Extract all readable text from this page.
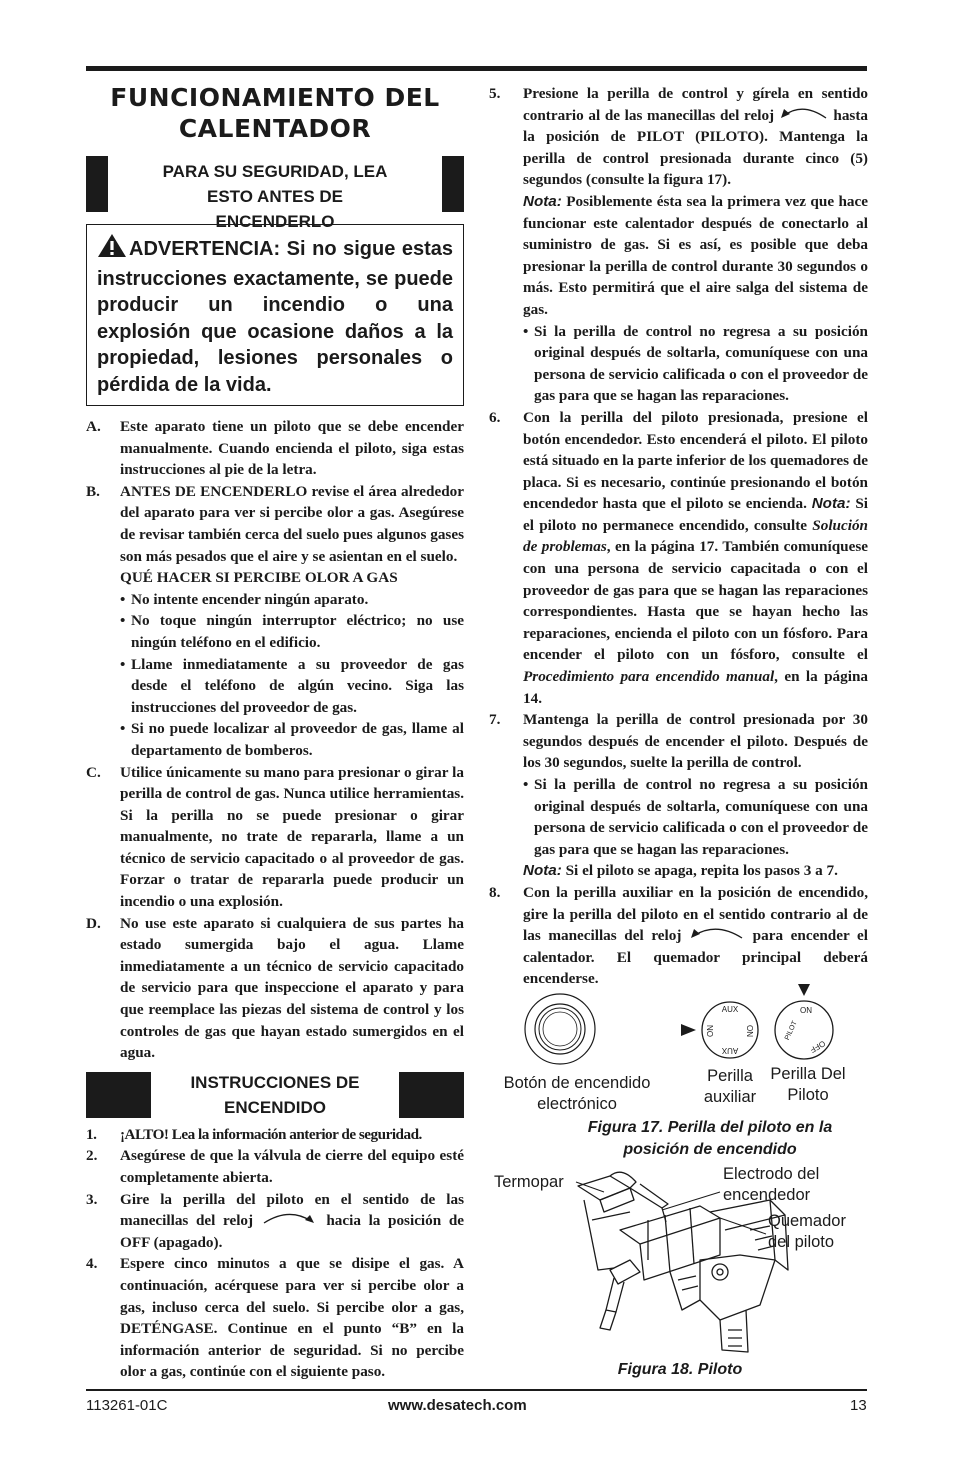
FUNCIONAMIENTO DEL CALENTADOR
PARA SU SEGURIDAD, LEA ESTO ANTES DE ENCENDERLO
ADVERTENCIA: Si no sigue estas instrucciones exactamente, se puede producir un incendio o una explosión que ocasione daños a la propiedad, lesiones personales o pérdida de la vida.
A.	Este aparato tiene un piloto que se debe encender manualmente. Cuando encienda el piloto, siga estas instrucciones al pie de la letra.
B.	ANTES DE ENCENDERLO revise el área alrededor del aparato para ver si percibe olor a gas. Asegúrese de revisar también cerca del suelo pues algunos gases son más pesados que el aire y se asientan en el suelo.
QUÉ HACER SI PERCIBE OLOR A GAS
• No intente encender ningún aparato.
• No toque ningún interruptor eléctrico; no use ningún teléfono en el edificio.
• Llame inmediatamente a su proveedor de gas desde el teléfono de algún vecino. Siga las instrucciones del proveedor de gas.
• Si no puede localizar al proveedor de gas, llame al departamento de bomberos.
C.	Utilice únicamente su mano para presionar o girar la perilla de control de gas. Nunca utilice herramientas. Si la perilla no se puede presionar o girar manualmente, no trate de repararla, llame a un técnico de servicio capacitado o al proveedor de gas. Forzar o tratar de repararla puede producir un incendio o una explosión.
D.	No use este aparato si cualquiera de sus partes ha estado sumergida bajo el agua. Llame inmediatamente a un técnico de servicio capacitado de servicio para que inspeccione el aparato y para que reemplace las piezas del sistema de control y los controles de gas que hayan estado sumergidos en el agua.
INSTRUCCIONES DE ENCENDIDO
1.	¡ALTO! Lea la información anterior de seguridad.
2.	Asegúrese de que la válvula de cierre del equipo esté completamente abierta.
3.	Gire la perilla del piloto en el sentido de las manecillas del reloj	hacia la posición de OFF (apagado).
4.	Espere cinco minutos a que se disipe el gas. A continuación, acérquese para ver si percibe olor a gas, incluso cerca del suelo. Si percibe olor a gas, DETÉNGASE. Continue en el punto “B” en la información anterior de seguridad. Si no percibe olor a gas, continúe con el siguiente paso.
5.	Presione la perilla de control y gírela en sentido contrario al de las manecillas del reloj	hasta la posición de PILOT (PILOTO). Mantenga la perilla de control presionada durante cinco (5) segundos (consulte la figura 17).
Nota: Posiblemente ésta sea la primera vez que hace funcionar este calentador después de conectarlo al suministro de gas. Si es así, es posible que deba presionar la perilla de control durante 30 segundos o más. Esto permitirá que el aire salga del sistema de gas.
• Si la perilla de control no regresa a su posición original después de soltarla, comuníquese con una persona de servicio calificada o con el proveedor de gas para que se hagan las reparaciones.
6.	Con la perilla del piloto presionada, presione el botón encendedor. Esto encenderá el piloto. El piloto está situado en la parte inferior de los quemadores de placa. Si es necesario, continúe presionando el botón encendedor hasta que el piloto se encienda. Nota: Si el piloto no permanece encendido, consulte Solución de problemas, en la página 17. También comuníquese con una persona de servicio capacitada o con el proveedor de gas para que se hagan las reparaciones correspondientes. Hasta que se hayan hecho las reparaciones, encienda el piloto con un fósforo. Para encender el piloto con un fósforo, consulte el Procedimiento para encendido manual, en la página 14.
7.	Mantenga la perilla de control presionada por 30 segundos después de encender el piloto. Después de los 30 segundos, suelte la perilla de control.
• Si la perilla de control no regresa a su posición original después de soltarla, comuníquese con una persona de servicio calificada o con el proveedor de gas para que se hagan las reparaciones.
Nota: Si el piloto se apaga, repita los pasos 3 a 7.
8.	Con la perilla auxiliar en la posición de encendido, gire la perilla del piloto en el sentido contrario al de las manecillas del reloj	para encender el calentador. El quemador principal deberá encenderse.
AUX
ON
AUX
ON
ON
PILOT
OFF
Botón de encendido electrónico
Perilla auxiliar
Perilla Del Piloto
Figura 17. Perilla del piloto en la posición de encendido
Termopar	Electrodo del encendedor
Quemador del piloto
Figura 18. Piloto
113261-01C	www.desatech.com	13
